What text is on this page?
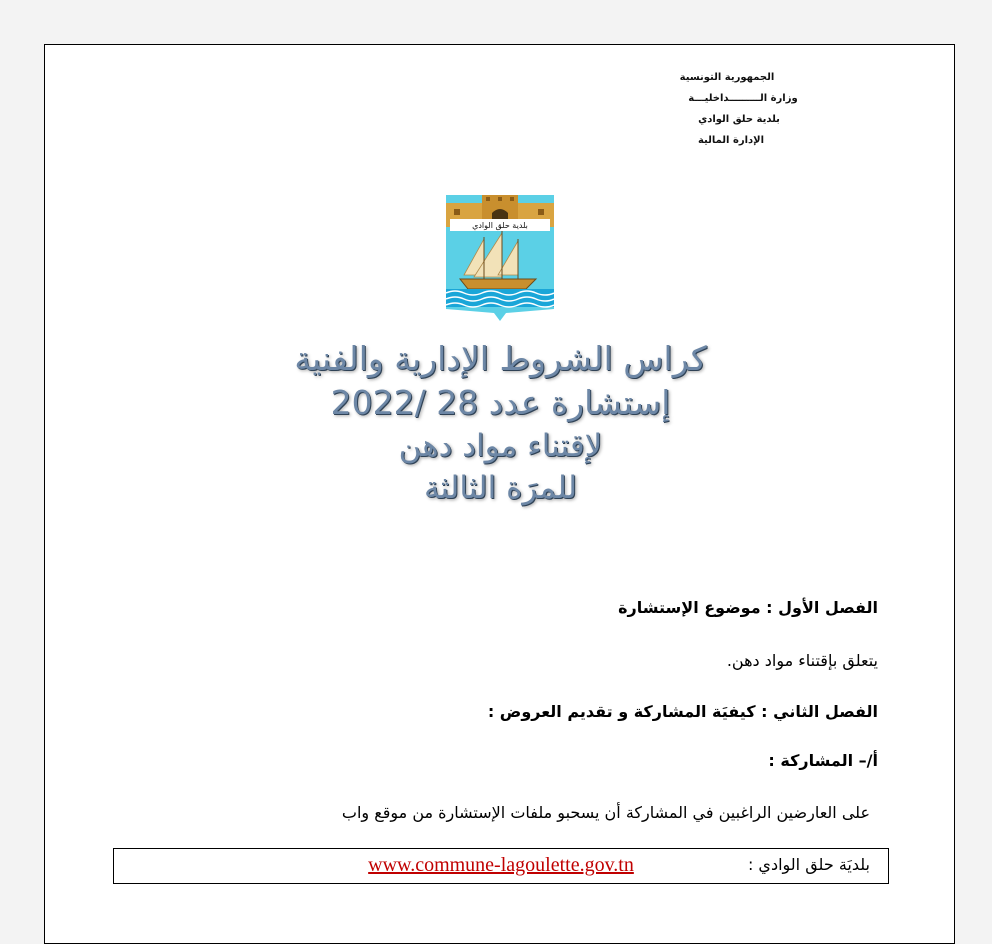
الجمهورية التونسية
وزارة الـــــــــداخليـــة
بلدية حلق الوادي
الإدارة المالية
بلدية حلق الوادي
كراس الشروط الإدارية والفنية
إستشارة عدد 28 /2022
لإقتناء مواد دهن
للمرَة الثالثة
الفصل الأول : موضوع الإستشارة
يتعلق بإقتناء مواد دهن.
الفصل الثاني : كيفيَة المشاركة و تقديم العروض :
أ/– المشاركة :
على العارضين الراغبين في المشاركة أن يسحبو ملفات الإستشارة من موقع واب
بلديَة حلق الوادي :
www.commune-lagoulette.gov.tn
